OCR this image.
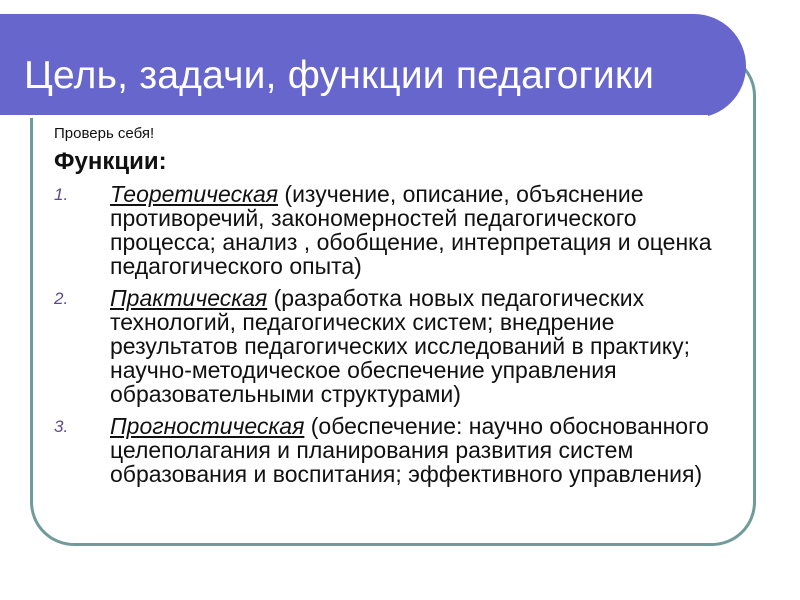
Цель, задачи, функции педагогики

Проверь себя!

Функции:

1. Теоретическая (изучение, описание, объяснение противоречий, закономерностей педагогического процесса; анализ , обобщение, интерпретация и оценка педагогического опыта)
2. Практическая (разработка новых педагогических технологий, педагогических систем; внедрение результатов педагогических исследований в практику; научно-методическое обеспечение управления образовательными структурами)
3. Прогностическая (обеспечение: научно обоснованного целеполагания и планирования развития систем образования и воспитания; эффективного управления)
